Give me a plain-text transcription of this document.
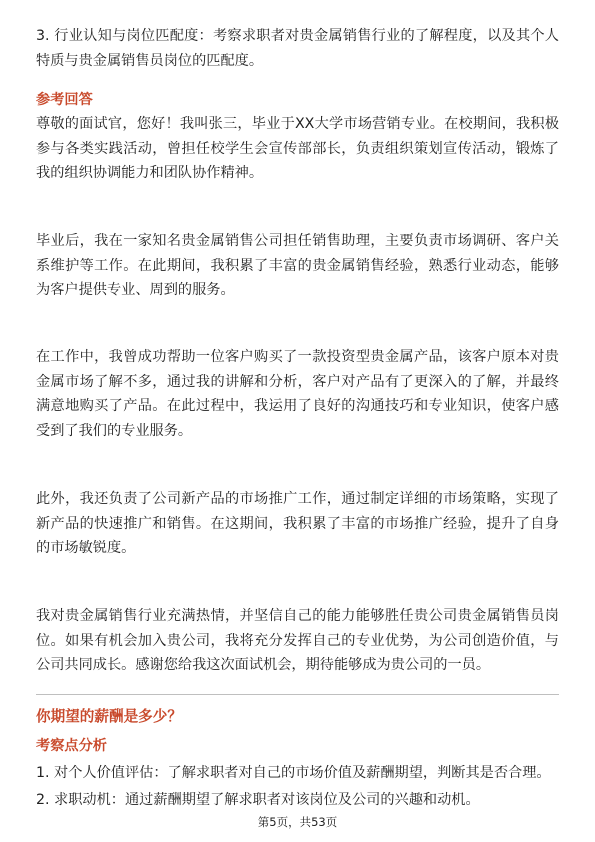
3. 行业认知与岗位匹配度：考察求职者对贵金属销售行业的了解程度，以及其个人特质与贵金属销售员岗位的匹配度。

参考回答

尊敬的面试官，您好！我叫张三，毕业于XX大学市场营销专业。在校期间，我积极参与各类实践活动，曾担任校学生会宣传部部长，负责组织策划宣传活动，锻炼了我的组织协调能力和团队协作精神。

毕业后，我在一家知名贵金属销售公司担任销售助理，主要负责市场调研、客户关系维护等工作。在此期间，我积累了丰富的贵金属销售经验，熟悉行业动态，能够为客户提供专业、周到的服务。

在工作中，我曾成功帮助一位客户购买了一款投资型贵金属产品，该客户原本对贵金属市场了解不多，通过我的讲解和分析，客户对产品有了更深入的了解，并最终满意地购买了产品。在此过程中，我运用了良好的沟通技巧和专业知识，使客户感受到了我们的专业服务。

此外，我还负责了公司新产品的市场推广工作，通过制定详细的市场策略，实现了新产品的快速推广和销售。在这期间，我积累了丰富的市场推广经验，提升了自身的市场敏锐度。

我对贵金属销售行业充满热情，并坚信自己的能力能够胜任贵公司贵金属销售员岗位。如果有机会加入贵公司，我将充分发挥自己的专业优势，为公司创造价值，与公司共同成长。感谢您给我这次面试机会，期待能够成为贵公司的一员。

你期望的薪酬是多少？

考察点分析

1. 对个人价值评估：了解求职者对自己的市场价值及薪酬期望，判断其是否合理。

2. 求职动机：通过薪酬期望了解求职者对该岗位及公司的兴趣和动机。

第5页，共53页
